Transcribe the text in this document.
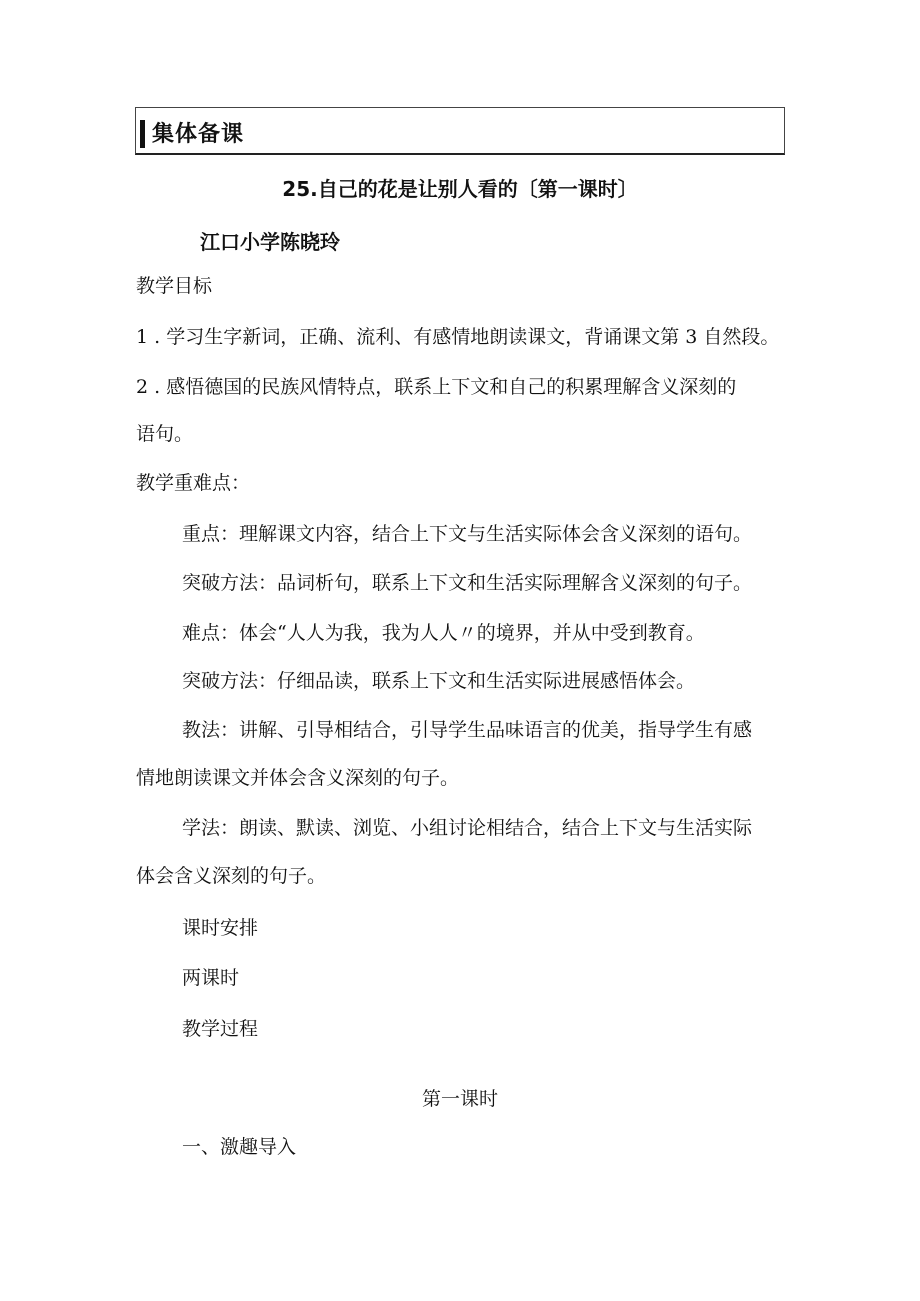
集体备课
25.自己的花是让别人看的〔第一课时〕
江口小学陈晓玲
教学目标
1 . 学习生字新词，正确、流利、有感情地朗读课文，背诵课文第 3 自然段。
2 . 感悟德国的民族风情特点，联系上下文和自己的积累理解含义深刻的
语句。
教学重难点：
重点：理解课文内容，结合上下文与生活实际体会含义深刻的语句。
突破方法：品词析句，联系上下文和生活实际理解含义深刻的句子。
难点：体会“人人为我，我为人人〃的境界，并从中受到教育。
突破方法：仔细品读，联系上下文和生活实际进展感悟体会。
教法：讲解、引导相结合，引导学生品味语言的优美，指导学生有感
情地朗读课文并体会含义深刻的句子。
学法：朗读、默读、浏览、小组讨论相结合，结合上下文与生活实际
体会含义深刻的句子。
课时安排
两课时
教学过程
第一课时
一、激趣导入
